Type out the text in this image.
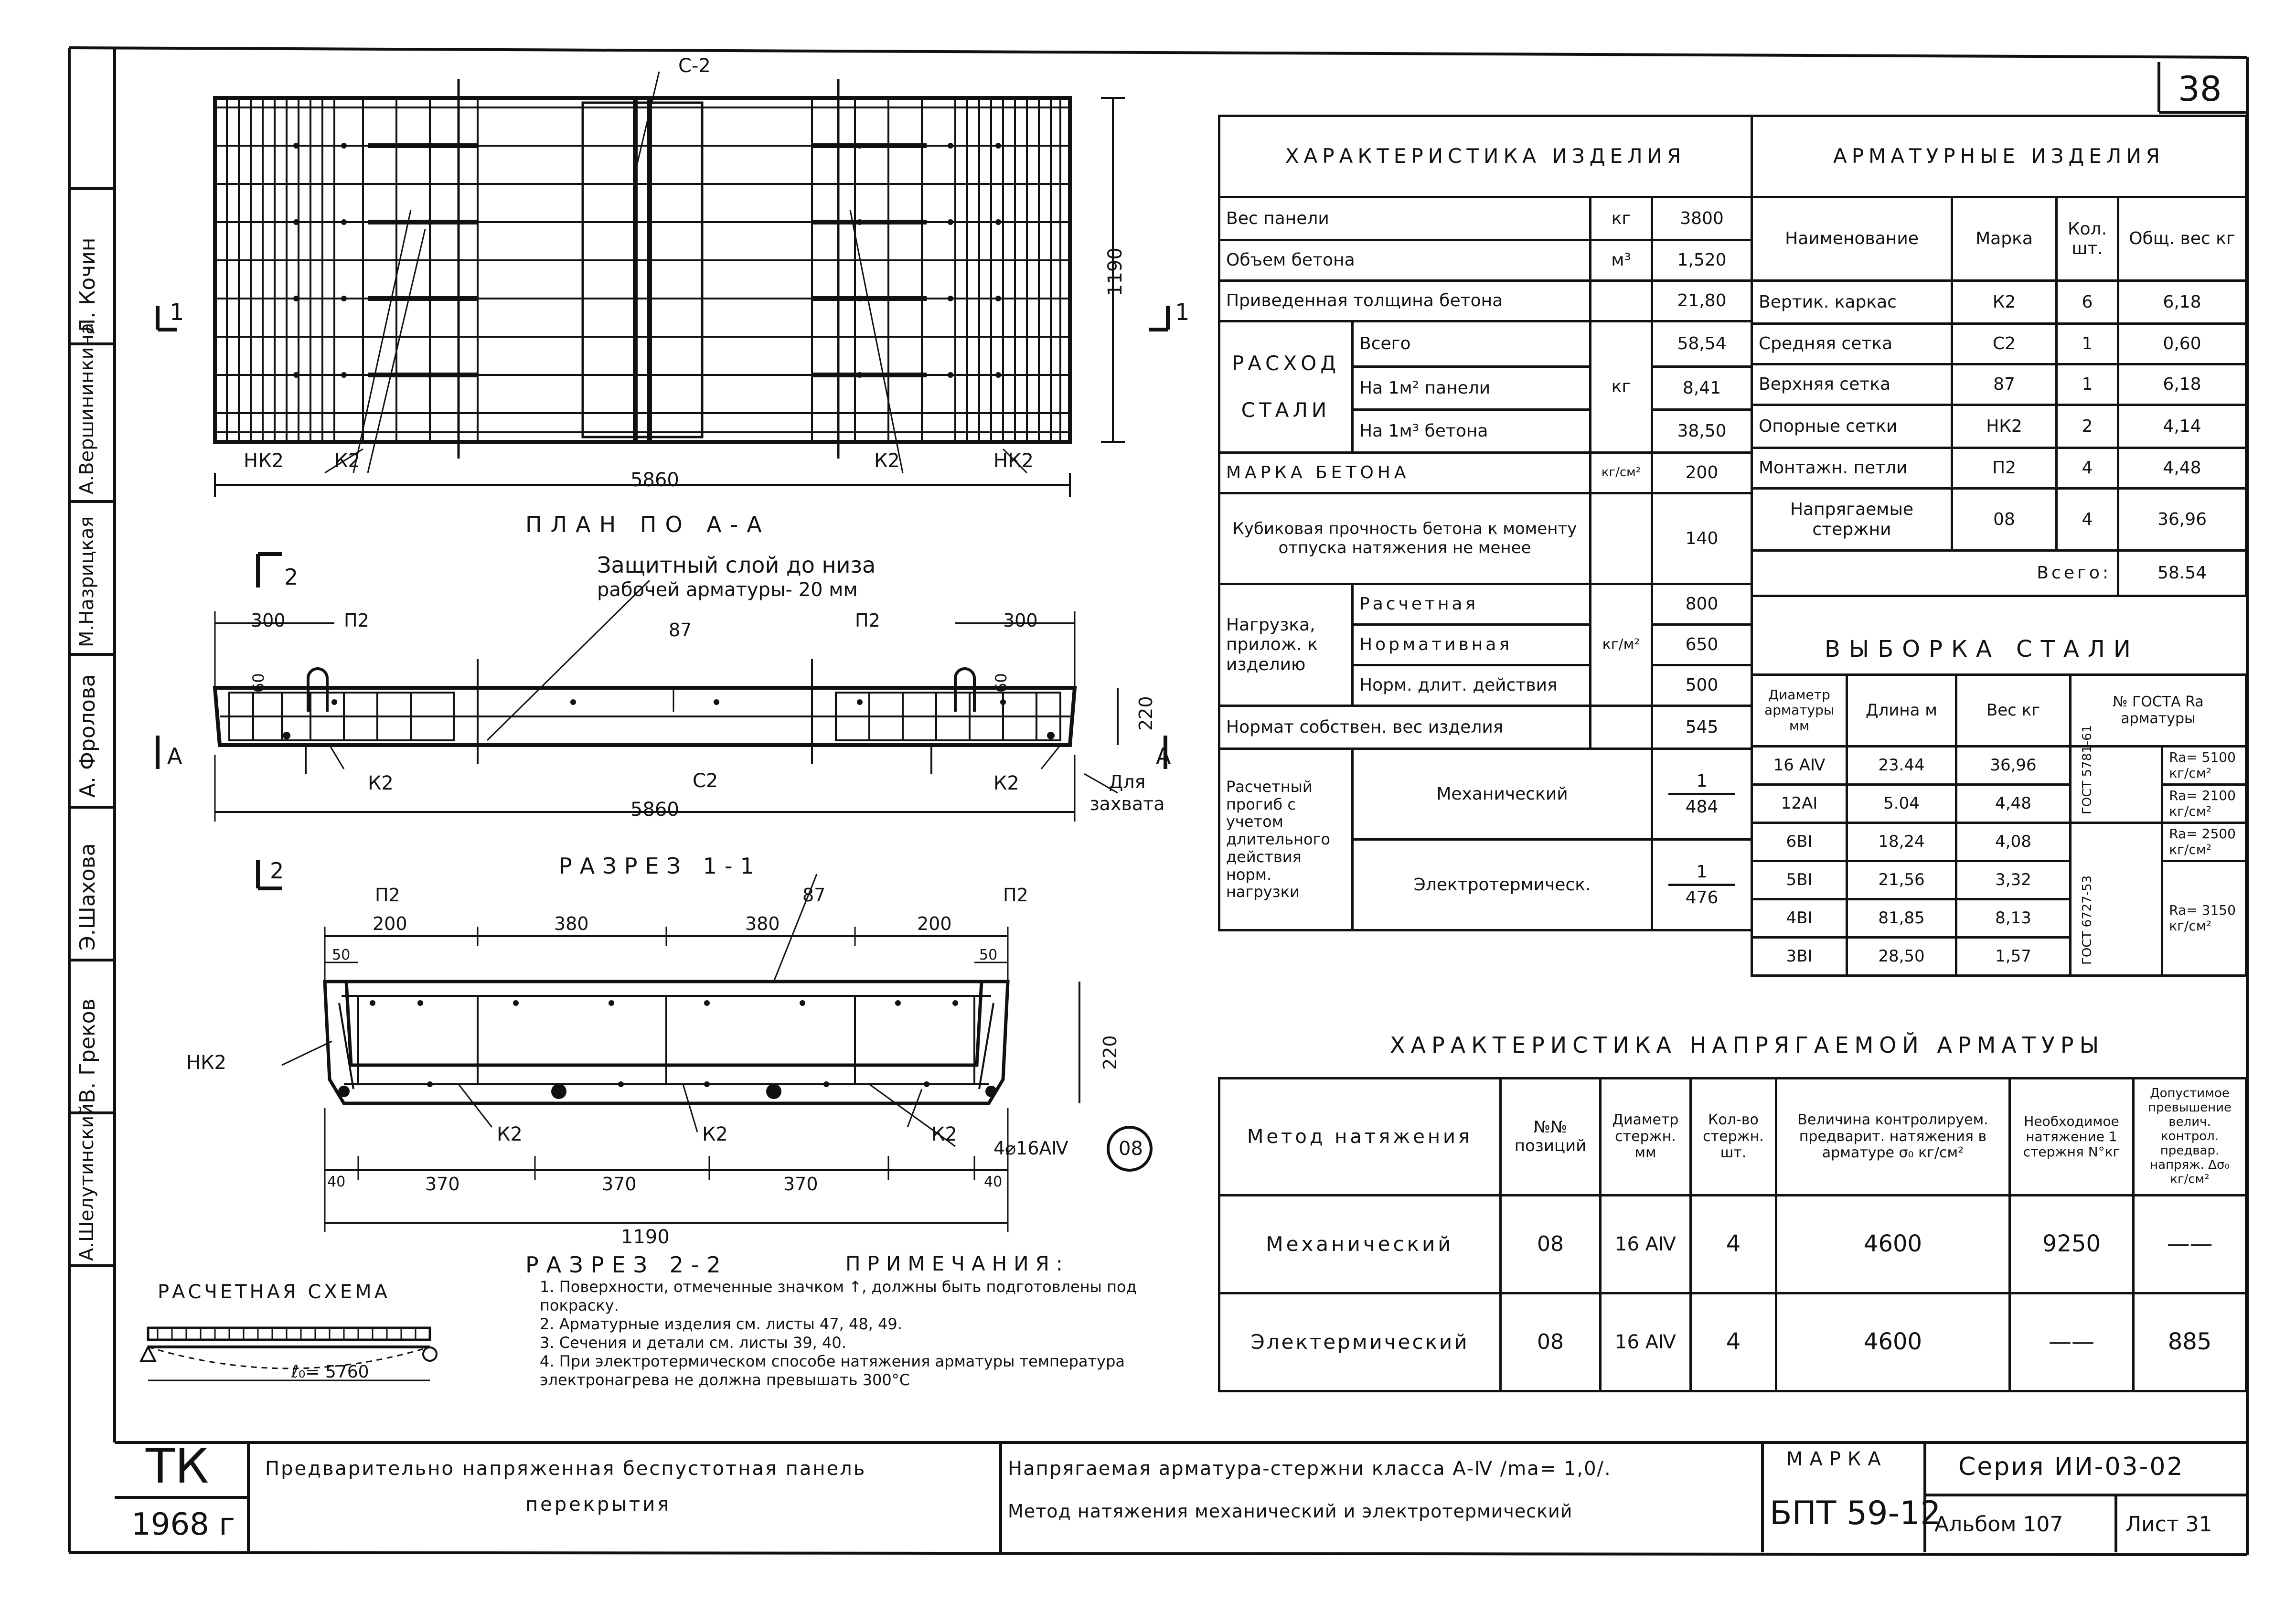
38
Л. Кочин
А.Вершининкина
М.Назрицкая
А. Фролова
Э.Шахова
В. Греков
А.Шелутинский
С-2
НК2	К2	К2	НК2
5860
1190
1	1
ПЛАН ПО А-А
Защитный слой до низа
рабочей арматуры- 20 мм
2
300	П2	87	П2	300
60	60
220
К2	С2	К2
А	А
5860
Для захвата
РАЗРЕЗ 1-1
2
П2	87	П2
200	380	380	200
50	50
220
НК2
К2	К2	К2
4⌀16АⅣ	08
40	370	370	370	40
1190
РАЗРЕЗ 2-2
РАСЧЕТНАЯ СХЕМА
ℓ₀= 5760
ПРИМЕЧАНИЯ:
1. Поверхности, отмеченные значком ↑, должны быть подготовлены под покраску.
2. Арматурные изделия см. листы 47, 48, 49.
3. Сечения и детали см. листы 39, 40.
4. При электротермическом способе натяжения арматуры температура электронагрева не должна превышать 300°С
ХАРАКТЕРИСТИКА ИЗДЕЛИЯ			
Вес панели		кг	3800
Объем бетона		м³	1,520
Приведенная толщина бетона			21,80

РАСХОД
СТАЛИ	Всего	кг	58,54
	На 1м² панели		8,41
	На 1м³ бетона		38,50
МАРКА БЕТОНА		кг/см²	200
Кубиковая прочность бетона к моменту отпуска натяжения не менее			140
Нагрузка, прилож. к изделию	Расчетная	кг/м²	800
	Нормативная		650
	Норм. длит. действия		500
Нормат собствен. вес изделия			545
Расчетный прогиб с учетом длительного действия норм. нагрузки	Механический		1
484

	Электротермическ.		1
476
АРМАТУРНЫЕ ИЗДЕЛИЯ			
Наименование	Марка	Кол. шт.	Общ. вес кг
Вертик. каркас	К2	6	6,18
Средняя сетка	С2	1	0,60
Верхняя сетка	87	1	6,18
Опорные сетки	НК2	2	4,14
Монтажн. петли	П2	4	4,48
Напрягаемые стержни	08	4	36,96
Всего:			58.54
ВЫБОРКА СТАЛИ
Диаметр арматуры мм	Длина м	Вес кг	№ ГОСТА Ra арматуры	
16 АⅣ	23.44	36,96	ГОСТ 5781-61	Ra= 5100 кг/см²
12АⅠ	5.04	4,48		Ra= 2100 кг/см²
6ВⅠ	18,24	4,08	ГОСТ 6727-53	Ra= 2500 кг/см²
5ВⅠ	21,56	3,32		Ra= 3150 кг/см²
4ВⅠ	81,85	8,13		
3ВⅠ	28,50	1,57		
ХАРАКТЕРИСТИКА НАПРЯГАЕМОЙ АРМАТУРЫ
Метод натяжения	№№ позиций	Диаметр стержн. мм	Кол-во стержн. шт.	Величина контролируем. предварит. натяжения в арматуре σ₀ кг/см²	Необходимое натяжение 1 стержня N°кг	Допустимое превышение велич. контрол. предвар. напряж. Δσ₀ кг/см²
Механический	08	16 АⅣ	4	4600	9250	——
Электермический	08	16 АⅣ	4	4600	——	885
ТК
1968 г
Предварительно напряженная беспустотная панель
перекрытия
Напрягаемая арматура-стержни класса А-Ⅳ /mа= 1,0/.
Метод натяжения механический и электротермический
МАРКА
БПТ 59-12
Серия ИИ-03-02
Альбом 107	Лист 31
